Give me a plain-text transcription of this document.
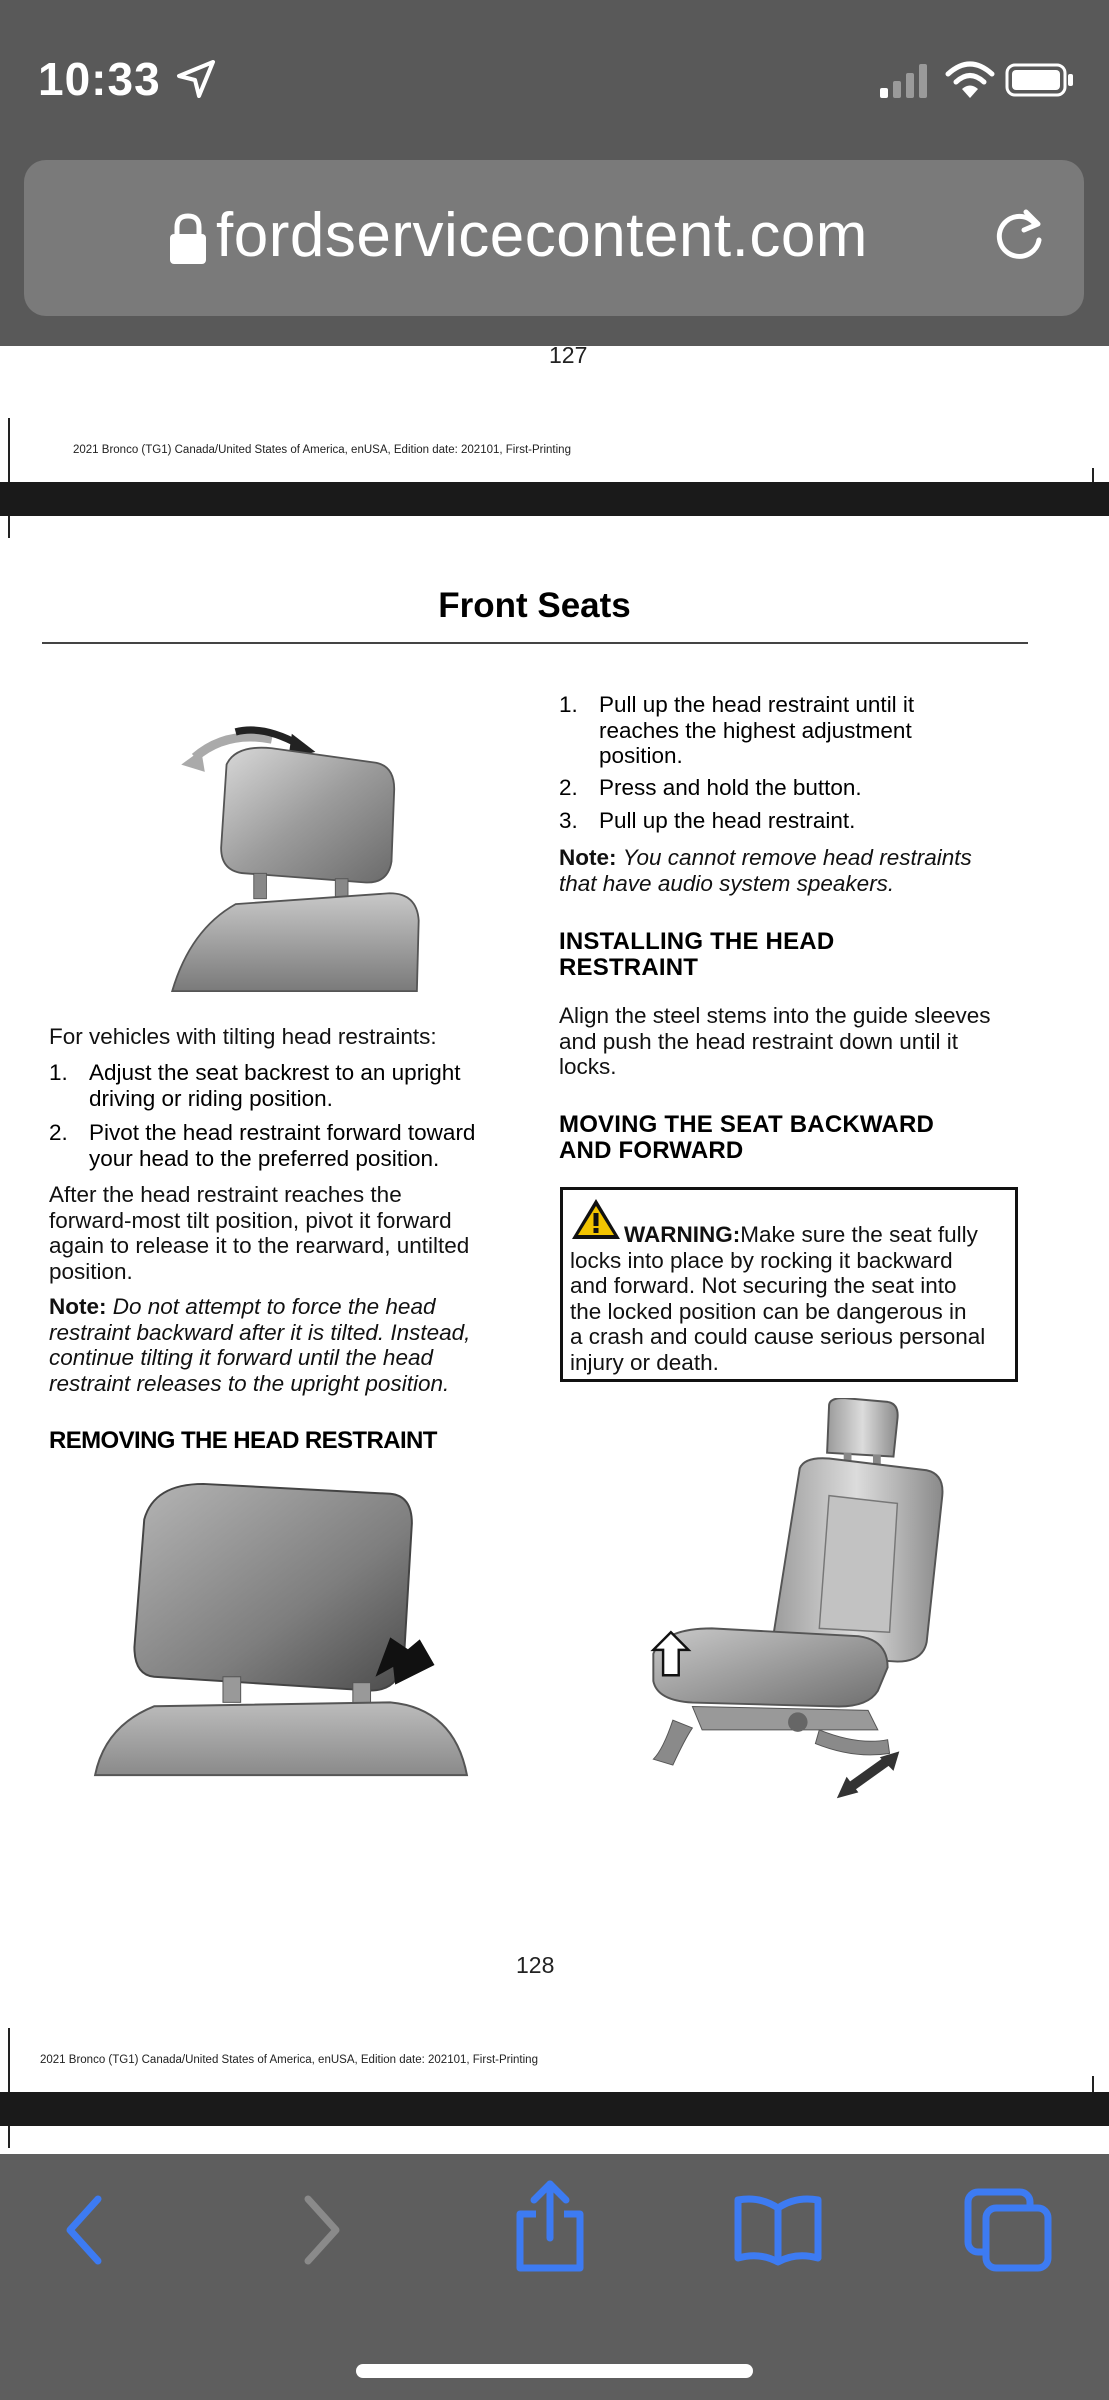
10:33
fordservicecontent.com
127
2021 Bronco (TG1) Canada/United States of America, enUSA, Edition date: 202101, First-Printing
Front Seats
For vehicles with tilting head restraints:
1. Adjust the seat backrest to an upright
driving or riding position.
2. Pivot the head restraint forward toward
your head to the preferred position.
After the head restraint reaches the
forward-most tilt position, pivot it forward
again to release it to the rearward, untilted
position.
Note: Do not attempt to force the head
restraint backward after it is tilted. Instead,
continue tilting it forward until the head
restraint releases to the upright position.
REMOVING THE HEAD RESTRAINT
1. Pull up the head restraint until it
reaches the highest adjustment
position.
2. Press and hold the button.
3. Pull up the head restraint.
Note: You cannot remove head restraints
that have audio system speakers.
INSTALLING THE HEAD
RESTRAINT
Align the steel stems into the guide sleeves
and push the head restraint down until it
locks.
MOVING THE SEAT BACKWARD
AND FORWARD
WARNING:Make sure the seat fully
locks into place by rocking it backward
and forward. Not securing the seat into
the locked position can be dangerous in
a crash and could cause serious personal
injury or death.
128
2021 Bronco (TG1) Canada/United States of America, enUSA, Edition date: 202101, First-Printing
